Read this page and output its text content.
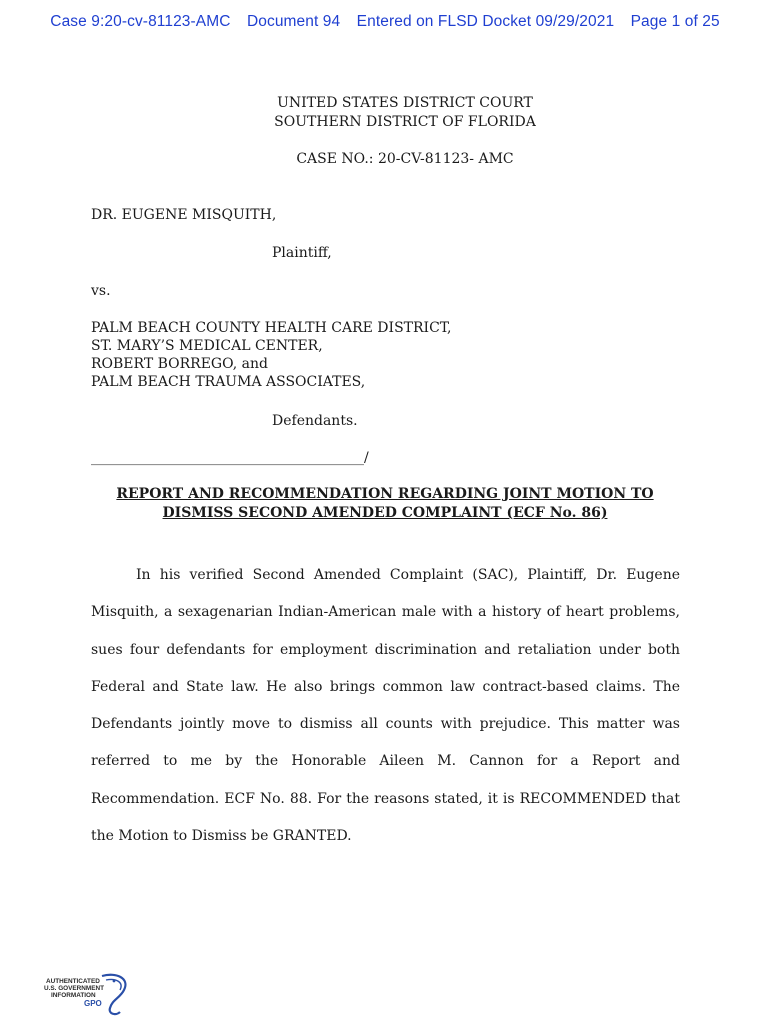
Case 9:20-cv-81123-AMC Document 94 Entered on FLSD Docket 09/29/2021 Page 1 of 25
UNITED STATES DISTRICT COURT
SOUTHERN DISTRICT OF FLORIDA
CASE NO.: 20-CV-81123- AMC
DR. EUGENE MISQUITH,
Plaintiff,
vs.
PALM BEACH COUNTY HEALTH CARE DISTRICT,
ST. MARY’S MEDICAL CENTER,
ROBERT BORREGO, and
PALM BEACH TRAUMA ASSOCIATES,
Defendants.
_______________________________________/
REPORT AND RECOMMENDATION REGARDING JOINT MOTION TO
DISMISS SECOND AMENDED COMPLAINT (ECF No. 86)

In his verified Second Amended Complaint (SAC), Plaintiff, Dr. Eugene Misquith, a sexagenarian Indian-American male with a history of heart problems, sues four defendants for employment discrimination and retaliation under both Federal and State law. He also brings common law contract-based claims. The Defendants jointly move to dismiss all counts with prejudice. This matter was referred to me by the Honorable Aileen M. Cannon for a Report and Recommendation. ECF No. 88. For the reasons stated, it is RECOMMENDED that the Motion to Dismiss be GRANTED.

AUTHENTICATED
U.S. GOVERNMENT
INFORMATION
GPO
